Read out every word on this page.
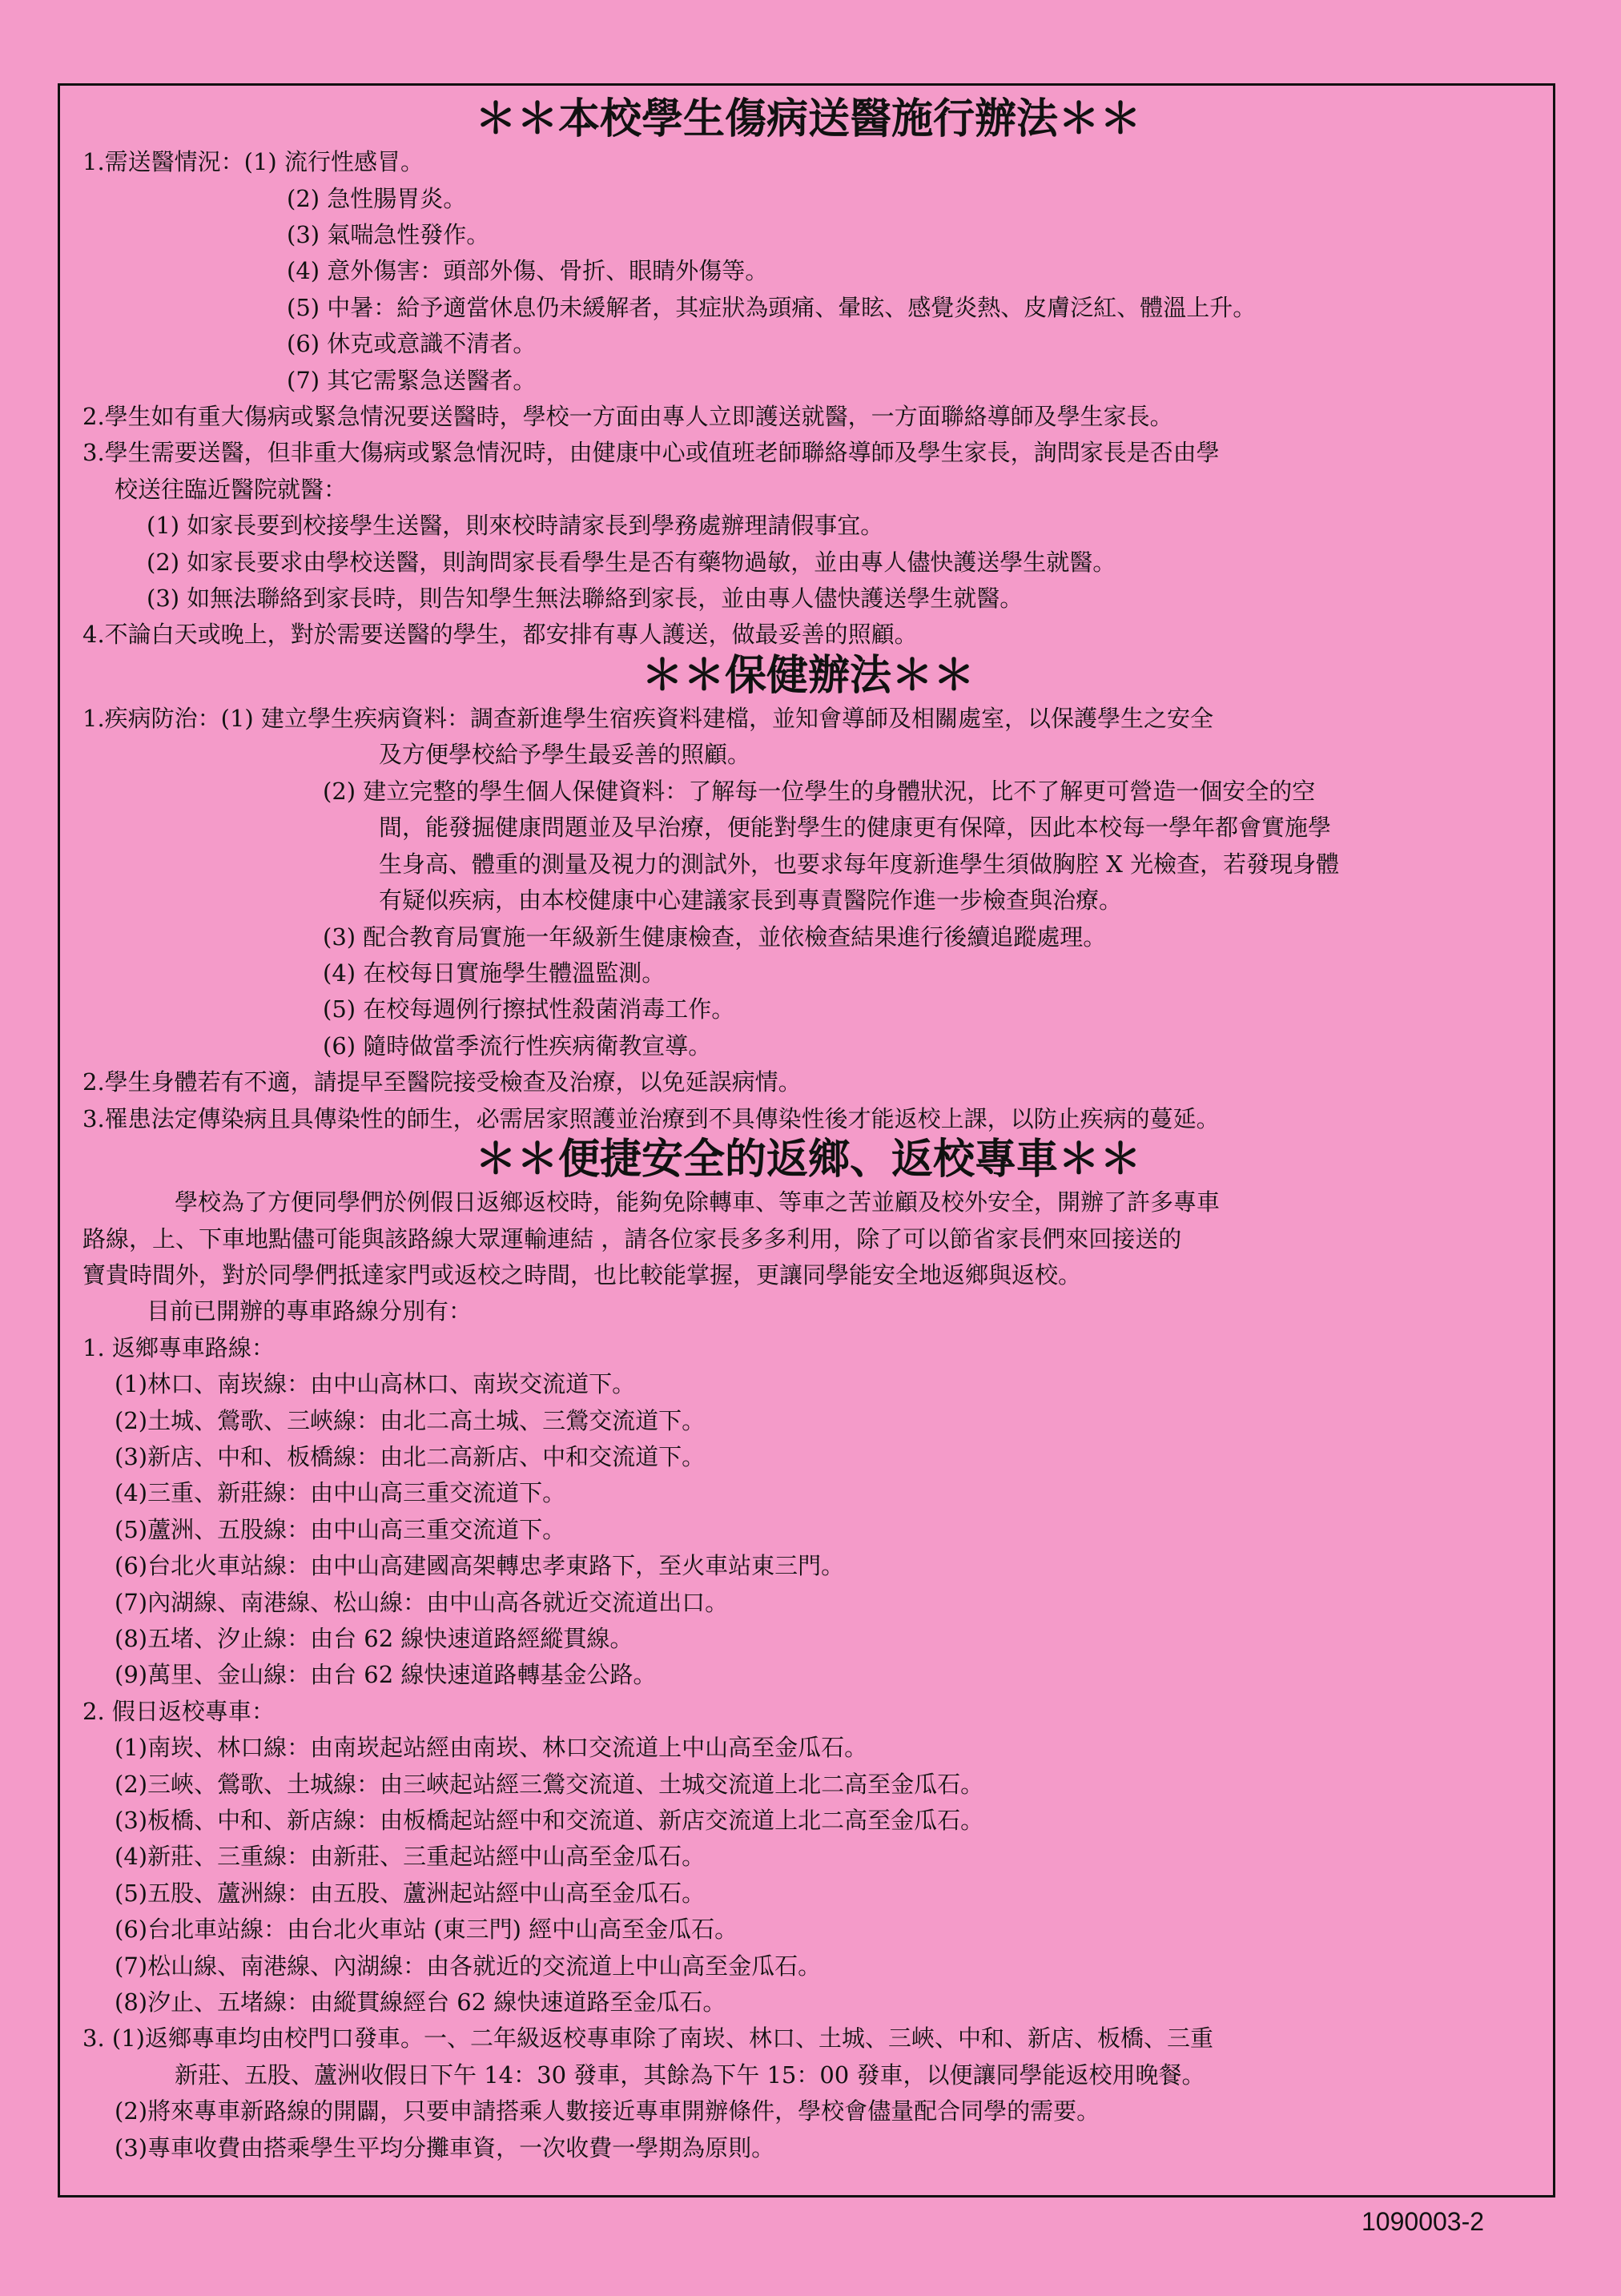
＊＊本校學生傷病送醫施行辦法＊＊
1.需送醫情況：(1) 流行性感冒。
(2) 急性腸胃炎。
(3) 氣喘急性發作。
(4) 意外傷害：頭部外傷、骨折、眼睛外傷等。
(5) 中暑：給予適當休息仍未緩解者，其症狀為頭痛、暈眩、感覺炎熱、皮膚泛紅、體溫上升。
(6) 休克或意識不清者。
(7) 其它需緊急送醫者。
2.學生如有重大傷病或緊急情況要送醫時，學校一方面由專人立即護送就醫，一方面聯絡導師及學生家長。
3.學生需要送醫，但非重大傷病或緊急情況時，由健康中心或值班老師聯絡導師及學生家長，詢問家長是否由學
校送往臨近醫院就醫：
(1) 如家長要到校接學生送醫，則來校時請家長到學務處辦理請假事宜。
(2) 如家長要求由學校送醫，則詢問家長看學生是否有藥物過敏，並由專人儘快護送學生就醫。
(3) 如無法聯絡到家長時，則告知學生無法聯絡到家長，並由專人儘快護送學生就醫。
4.不論白天或晚上，對於需要送醫的學生，都安排有專人護送，做最妥善的照顧。
＊＊保健辦法＊＊
1.疾病防治：(1) 建立學生疾病資料：調查新進學生宿疾資料建檔，並知會導師及相關處室，以保護學生之安全
及方便學校給予學生最妥善的照顧。
(2) 建立完整的學生個人保健資料：了解每一位學生的身體狀況，比不了解更可營造一個安全的空
間，能發掘健康問題並及早治療，便能對學生的健康更有保障，因此本校每一學年都會實施學
生身高、體重的測量及視力的測試外，也要求每年度新進學生須做胸腔 X 光檢查，若發現身體
有疑似疾病，由本校健康中心建議家長到專責醫院作進一步檢查與治療。
(3) 配合教育局實施一年級新生健康檢查，並依檢查結果進行後續追蹤處理。
(4) 在校每日實施學生體溫監測。
(5) 在校每週例行擦拭性殺菌消毒工作。
(6) 隨時做當季流行性疾病衛教宣導。
2.學生身體若有不適，請提早至醫院接受檢查及治療，以免延誤病情。
3.罹患法定傳染病且具傳染性的師生，必需居家照護並治療到不具傳染性後才能返校上課，以防止疾病的蔓延。
＊＊便捷安全的返鄉、返校專車＊＊
學校為了方便同學們於例假日返鄉返校時，能夠免除轉車、等車之苦並顧及校外安全，開辦了許多專車
路線，上、下車地點儘可能與該路線大眾運輸連結 ，請各位家長多多利用，除了可以節省家長們來回接送的
寶貴時間外，對於同學們抵達家門或返校之時間，也比較能掌握，更讓同學能安全地返鄉與返校。
目前已開辦的專車路線分別有：
1. 返鄉專車路線：
(1)林口、南崁線：由中山高林口、南崁交流道下。
(2)土城、鶯歌、三峽線：由北二高土城、三鶯交流道下。
(3)新店、中和、板橋線：由北二高新店、中和交流道下。
(4)三重、新莊線：由中山高三重交流道下。
(5)蘆洲、五股線：由中山高三重交流道下。
(6)台北火車站線：由中山高建國高架轉忠孝東路下，至火車站東三門。
(7)內湖線、南港線、松山線：由中山高各就近交流道出口。
(8)五堵、汐止線：由台 62 線快速道路經縱貫線。
(9)萬里、金山線：由台 62 線快速道路轉基金公路。
2. 假日返校專車：
(1)南崁、林口線：由南崁起站經由南崁、林口交流道上中山高至金瓜石。
(2)三峽、鶯歌、土城線：由三峽起站經三鶯交流道、土城交流道上北二高至金瓜石。
(3)板橋、中和、新店線：由板橋起站經中和交流道、新店交流道上北二高至金瓜石。
(4)新莊、三重線：由新莊、三重起站經中山高至金瓜石。
(5)五股、蘆洲線：由五股、蘆洲起站經中山高至金瓜石。
(6)台北車站線：由台北火車站 (東三門) 經中山高至金瓜石。
(7)松山線、南港線、內湖線：由各就近的交流道上中山高至金瓜石。
(8)汐止、五堵線：由縱貫線經台 62 線快速道路至金瓜石。
3. (1)返鄉專車均由校門口發車。一、二年級返校專車除了南崁、林口、土城、三峽、中和、新店、板橋、三重
新莊、五股、蘆洲收假日下午 14：30 發車，其餘為下午 15：00 發車，以便讓同學能返校用晚餐。
(2)將來專車新路線的開闢，只要申請搭乘人數接近專車開辦條件，學校會儘量配合同學的需要。
(3)專車收費由搭乘學生平均分攤車資，一次收費一學期為原則。
1090003-2
